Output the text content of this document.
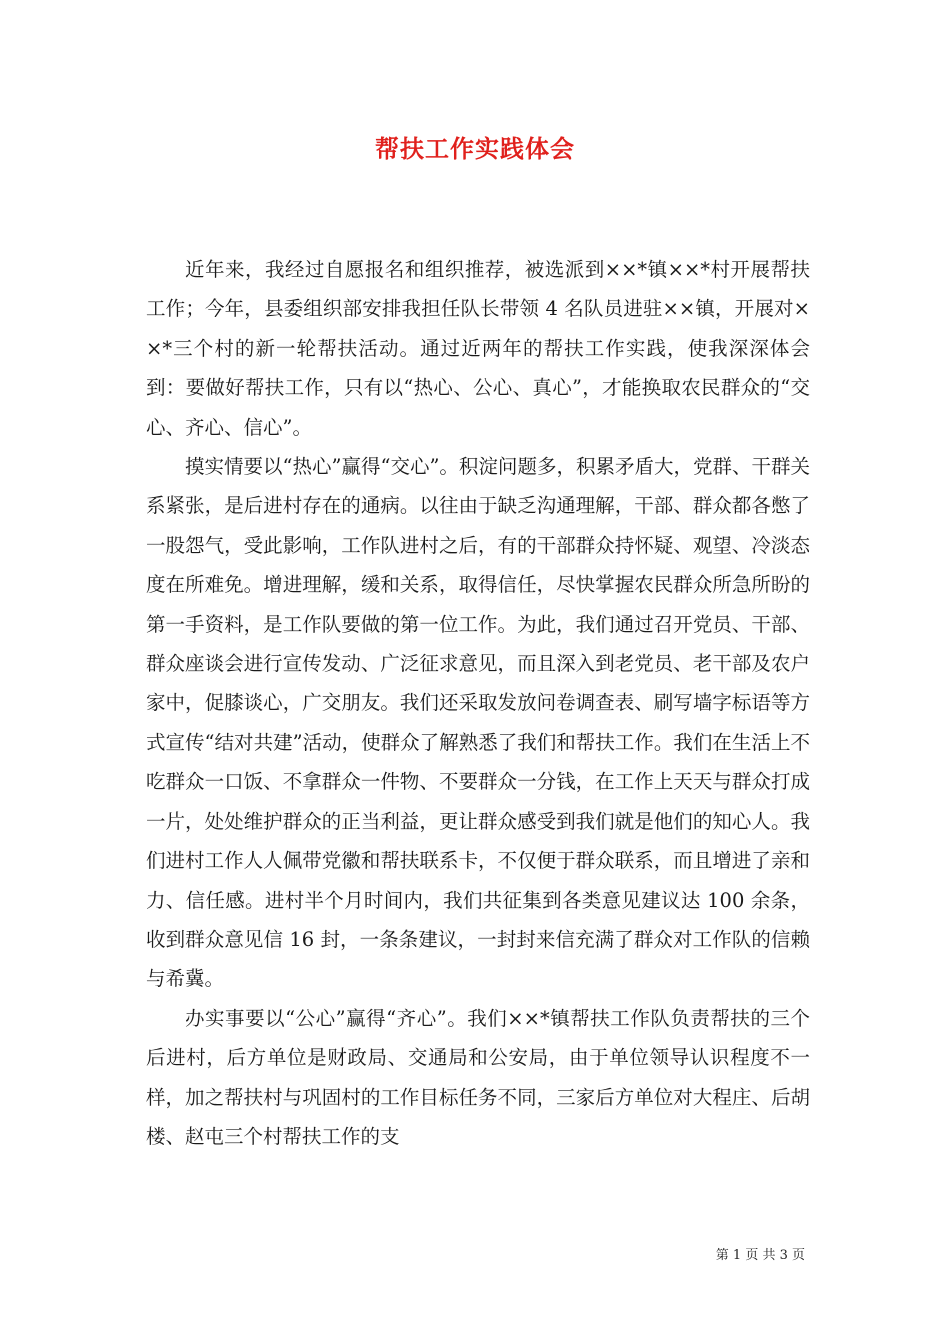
帮扶工作实践体会

近年来，我经过自愿报名和组织推荐，被选派到××*镇××*村开展帮扶工作；今年，县委组织部安排我担任队长带领 4 名队员进驻××镇，开展对××*三个村的新一轮帮扶活动。通过近两年的帮扶工作实践，使我深深体会到：要做好帮扶工作，只有以“热心、公心、真心”，才能换取农民群众的“交心、齐心、信心”。

摸实情要以“热心”赢得“交心”。积淀问题多，积累矛盾大，党群、干群关系紧张，是后进村存在的通病。以往由于缺乏沟通理解，干部、群众都各憋了一股怨气，受此影响，工作队进村之后，有的干部群众持怀疑、观望、冷淡态度在所难免。增进理解，缓和关系，取得信任，尽快掌握农民群众所急所盼的第一手资料，是工作队要做的第一位工作。为此，我们通过召开党员、干部、群众座谈会进行宣传发动、广泛征求意见，而且深入到老党员、老干部及农户家中，促膝谈心，广交朋友。我们还采取发放问卷调查表、刷写墙字标语等方式宣传“结对共建”活动，使群众了解熟悉了我们和帮扶工作。我们在生活上不吃群众一口饭、不拿群众一件物、不要群众一分钱，在工作上天天与群众打成一片，处处维护群众的正当利益，更让群众感受到我们就是他们的知心人。我们进村工作人人佩带党徽和帮扶联系卡，不仅便于群众联系，而且增进了亲和力、信任感。进村半个月时间内，我们共征集到各类意见建议达 100 余条，收到群众意见信 16 封，一条条建议，一封封来信充满了群众对工作队的信赖与希冀。

办实事要以“公心”赢得“齐心”。我们××*镇帮扶工作队负责帮扶的三个后进村，后方单位是财政局、交通局和公安局，由于单位领导认识程度不一样，加之帮扶村与巩固村的工作目标任务不同，三家后方单位对大程庄、后胡楼、赵屯三个村帮扶工作的支

第 1 页 共 3 页
